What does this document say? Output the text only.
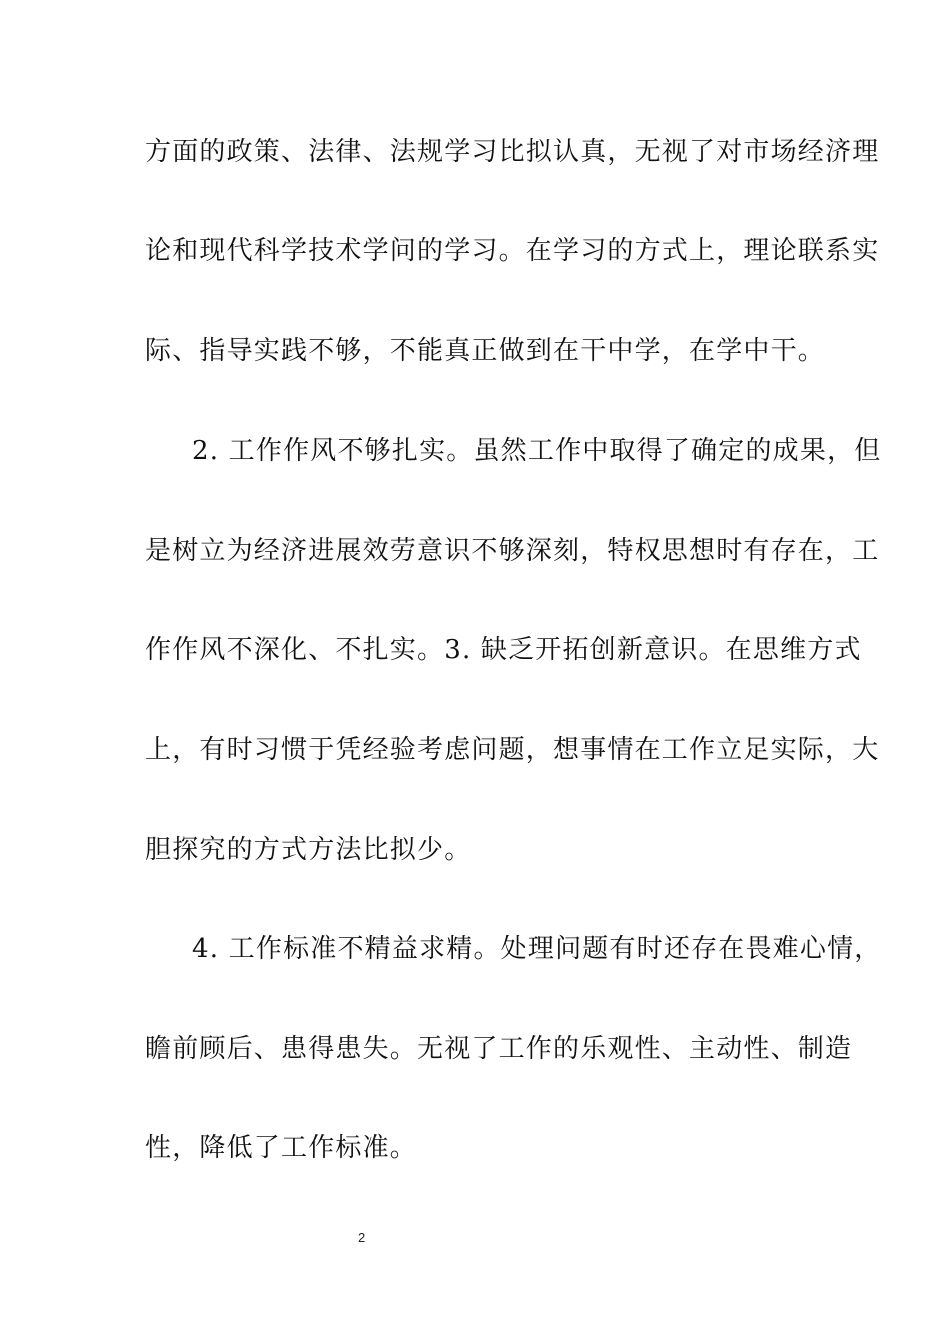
方面的政策、法律、法规学习比拟认真，无视了对市场经济理
论和现代科学技术学问的学习。在学习的方式上，理论联系实
际、指导实践不够，不能真正做到在干中学，在学中干。
2. 工作作风不够扎实。虽然工作中取得了确定的成果，但
是树立为经济进展效劳意识不够深刻，特权思想时有存在，工
作作风不深化、不扎实。3. 缺乏开拓创新意识。在思维方式
上，有时习惯于凭经验考虑问题，想事情在工作立足实际，大
胆探究的方式方法比拟少。
4. 工作标准不精益求精。处理问题有时还存在畏难心情，
瞻前顾后、患得患失。无视了工作的乐观性、主动性、制造
性，降低了工作标准。
2
